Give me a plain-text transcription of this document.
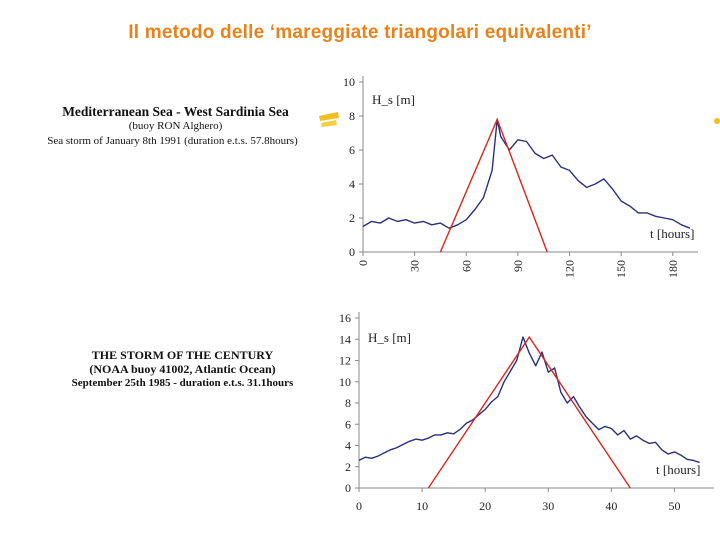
Il metodo delle ‘mareggiate triangolari equivalenti’
Mediterranean Sea - West Sardinia Sea
(buoy RON Alghero)
Sea storm of January 8th 1991 (duration e.t.s. 57.8hours)
THE STORM OF THE CENTURY
(NOAA buoy 41002, Atlantic Ocean)
September 25th 1985 - duration e.t.s. 31.1hours
0
2
4
6
8
10
0	30	60	90	120	150	180
H_s [m]
t [hours]
0
2
4
6
8
10
12
14
16
0	10	20	30	40	50
H_s [m]
t [hours]
